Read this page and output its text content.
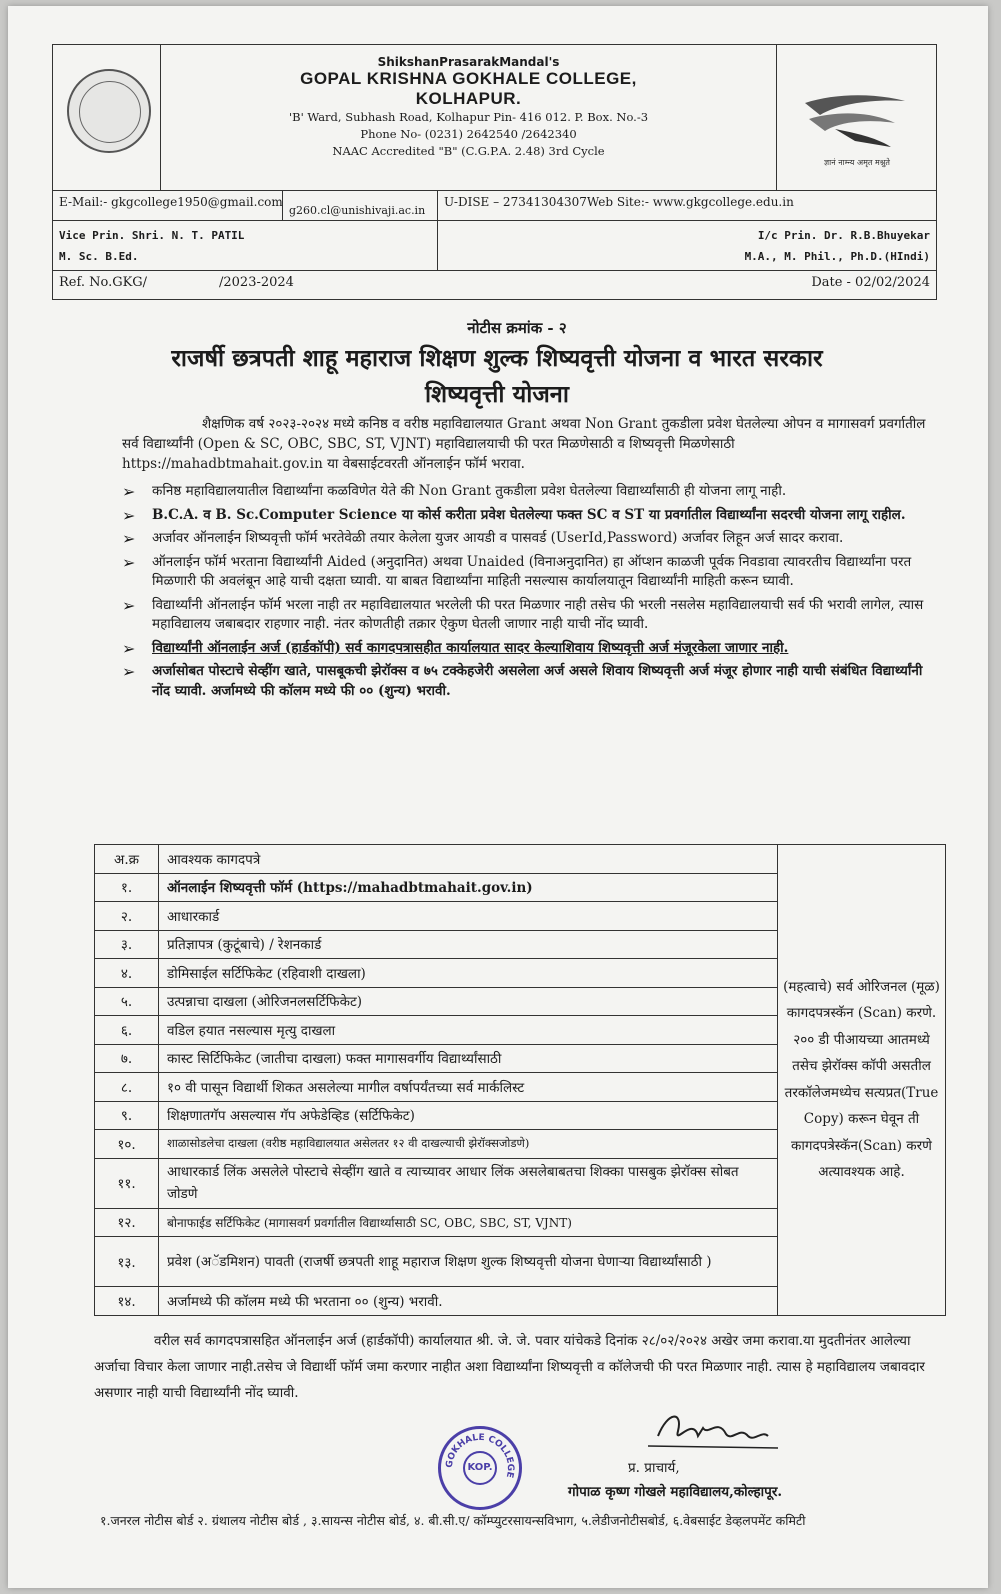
ShikshanPrasarakMandal's
GOPAL KRISHNA GOKHALE COLLEGE,
KOLHAPUR.
'B' Ward, Subhash Road, Kolhapur Pin- 416 012. P. Box. No.-3
Phone No- (0231) 2642540 /2642340
NAAC Accredited "B" (C.G.P.A. 2.48) 3rd Cycle
ज्ञानं नाम्न्य अमृत मश्नुते
E-Mail:- gkgcollege1950@gmail.com
g260.cl@unishivaji.ac.in
U-DISE – 27341304307Web Site:- www.gkgcollege.edu.in
Vice Prin. Shri. N. T. PATIL
M. Sc. B.Ed.
I/c Prin. Dr. R.B.Bhuyekar
M.A., M. Phil., Ph.D.(HIndi)
Ref. No.GKG/	/2023-2024	Date - 02/02/2024
नोटीस क्रमांक - २
राजर्षी छत्रपती शाहू महाराज शिक्षण शुल्क शिष्यवृत्ती योजना व भारत सरकार
शिष्यवृत्ती योजना
शैक्षणिक वर्ष २०२३-२०२४ मध्ये कनिष्ठ व वरीष्ठ महाविद्यालयात Grant अथवा Non Grant तुकडीला प्रवेश घेतलेल्या ओपन व मागासवर्ग प्रवर्गातील सर्व विद्यार्थ्यांनी (Open & SC, OBC, SBC, ST, VJNT) महाविद्यालयाची फी परत मिळणेसाठी व शिष्यवृत्ती मिळणेसाठी https://mahadbtmahait.gov.in या वेबसाईटवरती ऑनलाईन फॉर्म भरावा.
➢ कनिष्ठ महाविद्यालयातील विद्यार्थ्यांना कळविणेत येते की Non Grant तुकडीला प्रवेश घेतलेल्या विद्यार्थ्यांसाठी ही योजना लागू नाही.
➢ B.C.A. व B. Sc.Computer Science या कोर्स करीता प्रवेश घेतलेल्या फक्त SC व ST या प्रवर्गातील विद्यार्थ्यांना सदरची योजना लागू राहील.
➢ अर्जावर ऑनलाईन शिष्यवृत्ती फॉर्म भरतेवेळी तयार केलेला युजर आयडी व पासवर्ड (UserId,Password) अर्जावर लिहून अर्ज सादर करावा.
➢ ऑनलाईन फॉर्म भरताना विद्यार्थ्यांनी Aided (अनुदानित) अथवा Unaided (विनाअनुदानित) हा ऑप्शन काळजी पूर्वक निवडावा त्यावरतीच विद्यार्थ्यांना परत मिळणारी फी अवलंबून आहे याची दक्षता घ्यावी. या बाबत विद्यार्थ्यांना माहिती नसल्यास कार्यालयातून विद्यार्थ्यांनी माहिती करून घ्यावी.
➢ विद्यार्थ्यांनी ऑनलाईन फॉर्म भरला नाही तर महाविद्यालयात भरलेली फी परत मिळणार नाही तसेच फी भरली नसलेस महाविद्यालयाची सर्व फी भरावी लागेल, त्यास महाविद्यालय जबाबदार राहणार नाही. नंतर कोणतीही तक्रार ऐकुण घेतली जाणार नाही याची नोंद घ्यावी.
➢ विद्यार्थ्यांनी ऑनलाईन अर्ज (हार्डकॉपी) सर्व कागदपत्रासहीत कार्यालयात सादर केल्याशिवाय शिष्यवृत्ती अर्ज मंजूरकेला जाणार नाही.
➢ अर्जासोबत पोस्टाचे सेव्हींग खाते, पासबूकची झेरॉक्स व ७५ टक्केहजेरी असलेला अर्ज असले शिवाय शिष्यवृत्ती अर्ज मंजूर होणार नाही याची संबंधित विद्यार्थ्यांनी नोंद घ्यावी. अर्जामध्ये फी कॉलम मध्ये फी ०० (शुन्य) भरावी.
अ.क्र	आवश्यक कागदपत्रे	(महत्वाचे) सर्व ओरिजनल (मूळ) कागदपत्रस्कॅन (Scan) करणे. २०० डी पीआयच्या आतमध्ये तसेच झेरॉक्स कॉपी असतील तरकॉलेजमध्येच सत्यप्रत(True Copy) करून घेवून ती कागदपत्रेस्कॅन(Scan) करणे अत्यावश्यक आहे.
१.	ऑनलाईन शिष्यवृत्ती फॉर्म (https://mahadbtmahait.gov.in)	
२.	आधारकार्ड	
३.	प्रतिज्ञापत्र (कुटूंबाचे) / रेशनकार्ड	
४.	डोमिसाईल सर्टिफिकेट (रहिवाशी दाखला)	
५.	उत्पन्नाचा दाखला (ओरिजनलसर्टिफिकेट)	
६.	वडिल हयात नसल्यास मृत्यु दाखला	
७.	कास्ट सिर्टिफिकेट (जातीचा दाखला) फक्त मागासवर्गीय विद्यार्थ्यांसाठी	
८.	१० वी पासून विद्यार्थी शिकत असलेल्या मागील वर्षापर्यंतच्या सर्व मार्कलिस्ट	
९.	शिक्षणातगॅप असल्यास गॅप अफेडेव्हिड (सर्टिफिकेट)	
१०.	शाळासोडलेचा दाखला (वरीष्ठ महाविद्यालयात असेलतर १२ वी दाखल्याची झेरॉक्सजोडणे)	
११.	आधारकार्ड लिंक असलेले पोस्टाचे सेव्हींग खाते व त्याच्यावर आधार लिंक असलेबाबतचा शिक्का पासबुक झेरॉक्स सोबत जोडणे	
१२.	बोनाफाईड सर्टिफिकेट (मागासवर्ग प्रवर्गातील विद्यार्थ्यासाठी SC, OBC, SBC, ST, VJNT)	
१३.	प्रवेश (अॅडमिशन) पावती (राजर्षी छत्रपती शाहू महाराज शिक्षण शुल्क शिष्यवृत्ती योजना घेणाऱ्या विद्यार्थ्यांसाठी )	
१४.	अर्जामध्ये फी कॉलम मध्ये फी भरताना ०० (शुन्य) भरावी.	
वरील सर्व कागदपत्रासहित ऑनलाईन अर्ज (हार्डकॉपी) कार्यालयात श्री. जे. जे. पवार यांचेकडे दिनांक २८/०२/२०२४ अखेर जमा करावा.या मुदतीनंतर आलेल्या अर्जाचा विचार केला जाणार नाही.तसेच जे विद्यार्थी फॉर्म जमा करणार नाहीत अशा विद्यार्थ्यांना शिष्यवृत्ती व कॉलेजची फी परत मिळणार नाही. त्यास हे महाविद्यालय जबावदार असणार नाही याची विद्यार्थ्यांनी नोंद घ्यावी.
GOKHALE COLLEGE
KOP.	प्र. प्राचार्य,
गोपाळ कृष्ण गोखले महाविद्यालय,कोल्हापूर.
१.जनरल नोटीस बोर्ड २. ग्रंथालय नोटीस बोर्ड , ३.सायन्स नोटीस बोर्ड, ४. बी.सी.ए/ कॉम्प्युटरसायन्सविभाग, ५.लेडीजनोटीसबोर्ड, ६.वेबसाईट डेव्हलपमेंट कमिटी
